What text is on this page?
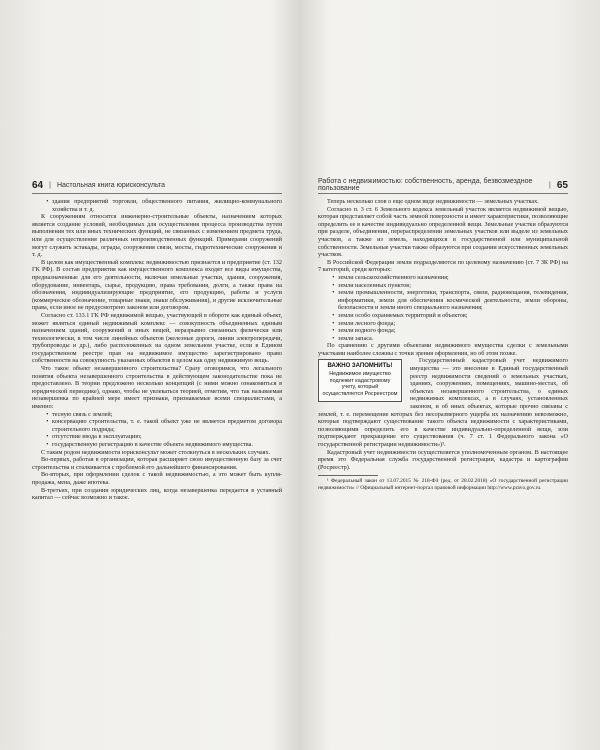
64 | Настольная книга юрисконсульта
• здания предприятий торговли, общественного питания, жилищно-коммунального хозяйства и т. д.

К сооружениям относятся инженерно-строительные объекты, назначением которых является создание условий, необходимых для осуществления процесса производства путем выполнения тех или иных технических функций, не связанных с изменением предмета труда, или для осуществления различных непроизводственных функций. Примерами сооружений могут служить эстакады, ограды, сооружения связи, мосты, гидротехнические сооружения и т. д.

В целом как имущественный комплекс недвижимостью признается и предприятие (ст. 132 ГК РФ). В состав предприятия как имущественного комплекса входят все виды имущества, предназначенные для его деятельности, включая земельные участки, здания, сооружения, оборудование, инвентарь, сырье, продукцию, права требования, долги, а также права на обозначения, индивидуализирующие предприятие, его продукцию, работы и услуги (коммерческое обозначение, товарные знаки, знаки обслуживания), и другие исключительные права, если иное не предусмотрено законом или договором.

Согласно ст. 133.1 ГК РФ недвижимой вещью, участвующей в обороте как единый объект, может являться единый недвижимый комплекс — совокупность объединенных единым назначением зданий, сооружений и иных вещей, неразрывно связанных физически или технологически, в том числе линейных объектов (железные дороги, линии электропередачи, трубопроводы и др.), либо расположенных на одном земельном участке, если в Едином государственном реестре прав на недвижимое имущество зарегистрировано право собственности на совокупность указанных объектов в целом как одну недвижимую вещь.

Что такое объект незавершенного строительства? Сразу оговоримся, что легального понятия объекта незавершенного строительства в действующем законодательстве пока не предоставлено. В теории предложено несколько концепций (с ними можно ознакомиться в юридической периодике), однако, чтобы не увлекаться теорией, отметим, что так называемая незавершенка по крайней мере имеет признаки, признаваемые всеми специалистами, а именно:

• тесную связь с землей;
• консервацию строительства, т. е. такой объект уже не является предметом договора строительного подряда;
• отсутствие ввода в эксплуатацию;
• государственную регистрацию в качестве объекта недвижимого имущества.

С таким родом недвижимости юрисконсульт может столкнуться в нескольких случаях.

Во-первых, работая в организации, которая расширяет свою имущественную базу за счет строительства и сталкивается с проблемой его дальнейшего финансирования.

Во-вторых, при оформлении сделок с такой недвижимостью, а это может быть купля-продажа, мена, даже ипотека.

В-третьих, при создании юридических лиц, когда незавершенка передается в уставный капитал — сейчас возможно и такое.

Работа с недвижимостью: собственность, аренда, безвозмездное пользование	| 65

Теперь несколько слов о еще одном виде недвижимости — земельных участках.

Согласно п. 3 ст. 6 Земельного кодекса земельный участок является недвижимой вещью, которая представляет собой часть земной поверхности и имеет характеристики, позволяющие определить ее в качестве индивидуально определенной вещи. Земельные участки образуются при разделе, объединении, перераспределении земельных участков или выделе из земельных участков, а также из земель, находящихся в государственной или муниципальной собственности. Земельные участки также образуются при создании искусственных земельных участков.

В Российской Федерации земли подразделяются по целевому назначению (ст. 7 ЗК РФ) на 7 категорий, среди которых:

• земли сельскохозяйственного назначения;
• земли населенных пунктов;
• земли промышленности, энергетики, транспорта, связи, радиовещания, телевидения, информатики, земли для обеспечения космической деятельности, земли обороны, безопасности и земли иного специального назначения;
• земли особо охраняемых территорий и объектов;
• земли лесного фонда;
• земли водного фонда;
• земли запаса.

По сравнению с другими объектами недвижимого имущества сделки с земельными участками наиболее сложны с точки зрения оформления, но об этом позже.

ВАЖНО ЗАПОМНИТЬ!
Недвижимое имущество подлежит кадастровому учету, который осуществляется Росреестром

Государственный кадастровый учет недвижимого имущества — это внесение в Единый государственный реестр недвижимости сведений о земельных участках, зданиях, сооружениях, помещениях, машино-местах, об объектах незавершенного строительства, о единых недвижимых комплексах, а в случаях, установленных законом, и об иных объектах, которые прочно связаны с землей, т. е. перемещение которых без несоразмерного ущерба их назначению невозможно, которые подтверждают существование такого объекта недвижимости с характеристиками, позволяющими определить его в качестве индивидуально-определенной вещи, или подтверждают прекращение его существования (ч. 7 ст. 1 Федерального закона «О государственной регистрации недвижимости»)¹.

Кадастровый учет недвижимости осуществляется уполномоченным органом. В настоящее время это Федеральная служба государственной регистрации, кадастра и картографии (Росреестр).

¹ Федеральный закон от 13.07.2015 № 218-ФЗ (ред. от 28.02.2018) «О государственной регистрации недвижимости» // Официальный интернет-портал правовой информации http://www.pravo.gov.ru.
